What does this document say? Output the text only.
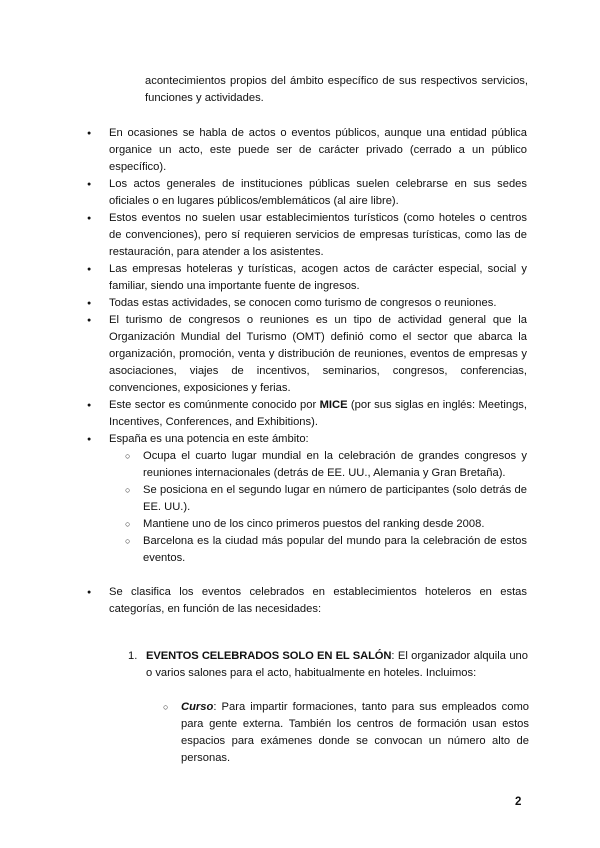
acontecimientos propios del ámbito específico de sus respectivos servicios, funciones y actividades.

● En ocasiones se habla de actos o eventos públicos, aunque una entidad pública organice un acto, este puede ser de carácter privado (cerrado a un público específico).
● Los actos generales de instituciones públicas suelen celebrarse en sus sedes oficiales o en lugares públicos/emblemáticos (al aire libre).
● Estos eventos no suelen usar establecimientos turísticos (como hoteles o centros de convenciones), pero sí requieren servicios de empresas turísticas, como las de restauración, para atender a los asistentes.
● Las empresas hoteleras y turísticas, acogen actos de carácter especial, social y familiar, siendo una importante fuente de ingresos.
● Todas estas actividades, se conocen como turismo de congresos o reuniones.
● El turismo de congresos o reuniones es un tipo de actividad general que la Organización Mundial del Turismo (OMT) definió como el sector que abarca la organización, promoción, venta y distribución de reuniones, eventos de empresas y asociaciones, viajes de incentivos, seminarios, congresos, conferencias, convenciones, exposiciones y ferias.
● Este sector es comúnmente conocido por MICE (por sus siglas en inglés: Meetings, Incentives, Conferences, and Exhibitions).
● España es una potencia en este ámbito:
○ Ocupa el cuarto lugar mundial en la celebración de grandes congresos y reuniones internacionales (detrás de EE. UU., Alemania y Gran Bretaña).
○ Se posiciona en el segundo lugar en número de participantes (solo detrás de EE. UU.).
○ Mantiene uno de los cinco primeros puestos del ranking desde 2008.
○ Barcelona es la ciudad más popular del mundo para la celebración de estos eventos.
● Se clasifica los eventos celebrados en establecimientos hoteleros en estas categorías, en función de las necesidades:
1. EVENTOS CELEBRADOS SOLO EN EL SALÓN: El organizador alquila uno o varios salones para el acto, habitualmente en hoteles. Incluimos:

○ Curso: Para impartir formaciones, tanto para sus empleados como para gente externa. También los centros de formación usan estos espacios para exámenes donde se convocan un número alto de personas.

2
